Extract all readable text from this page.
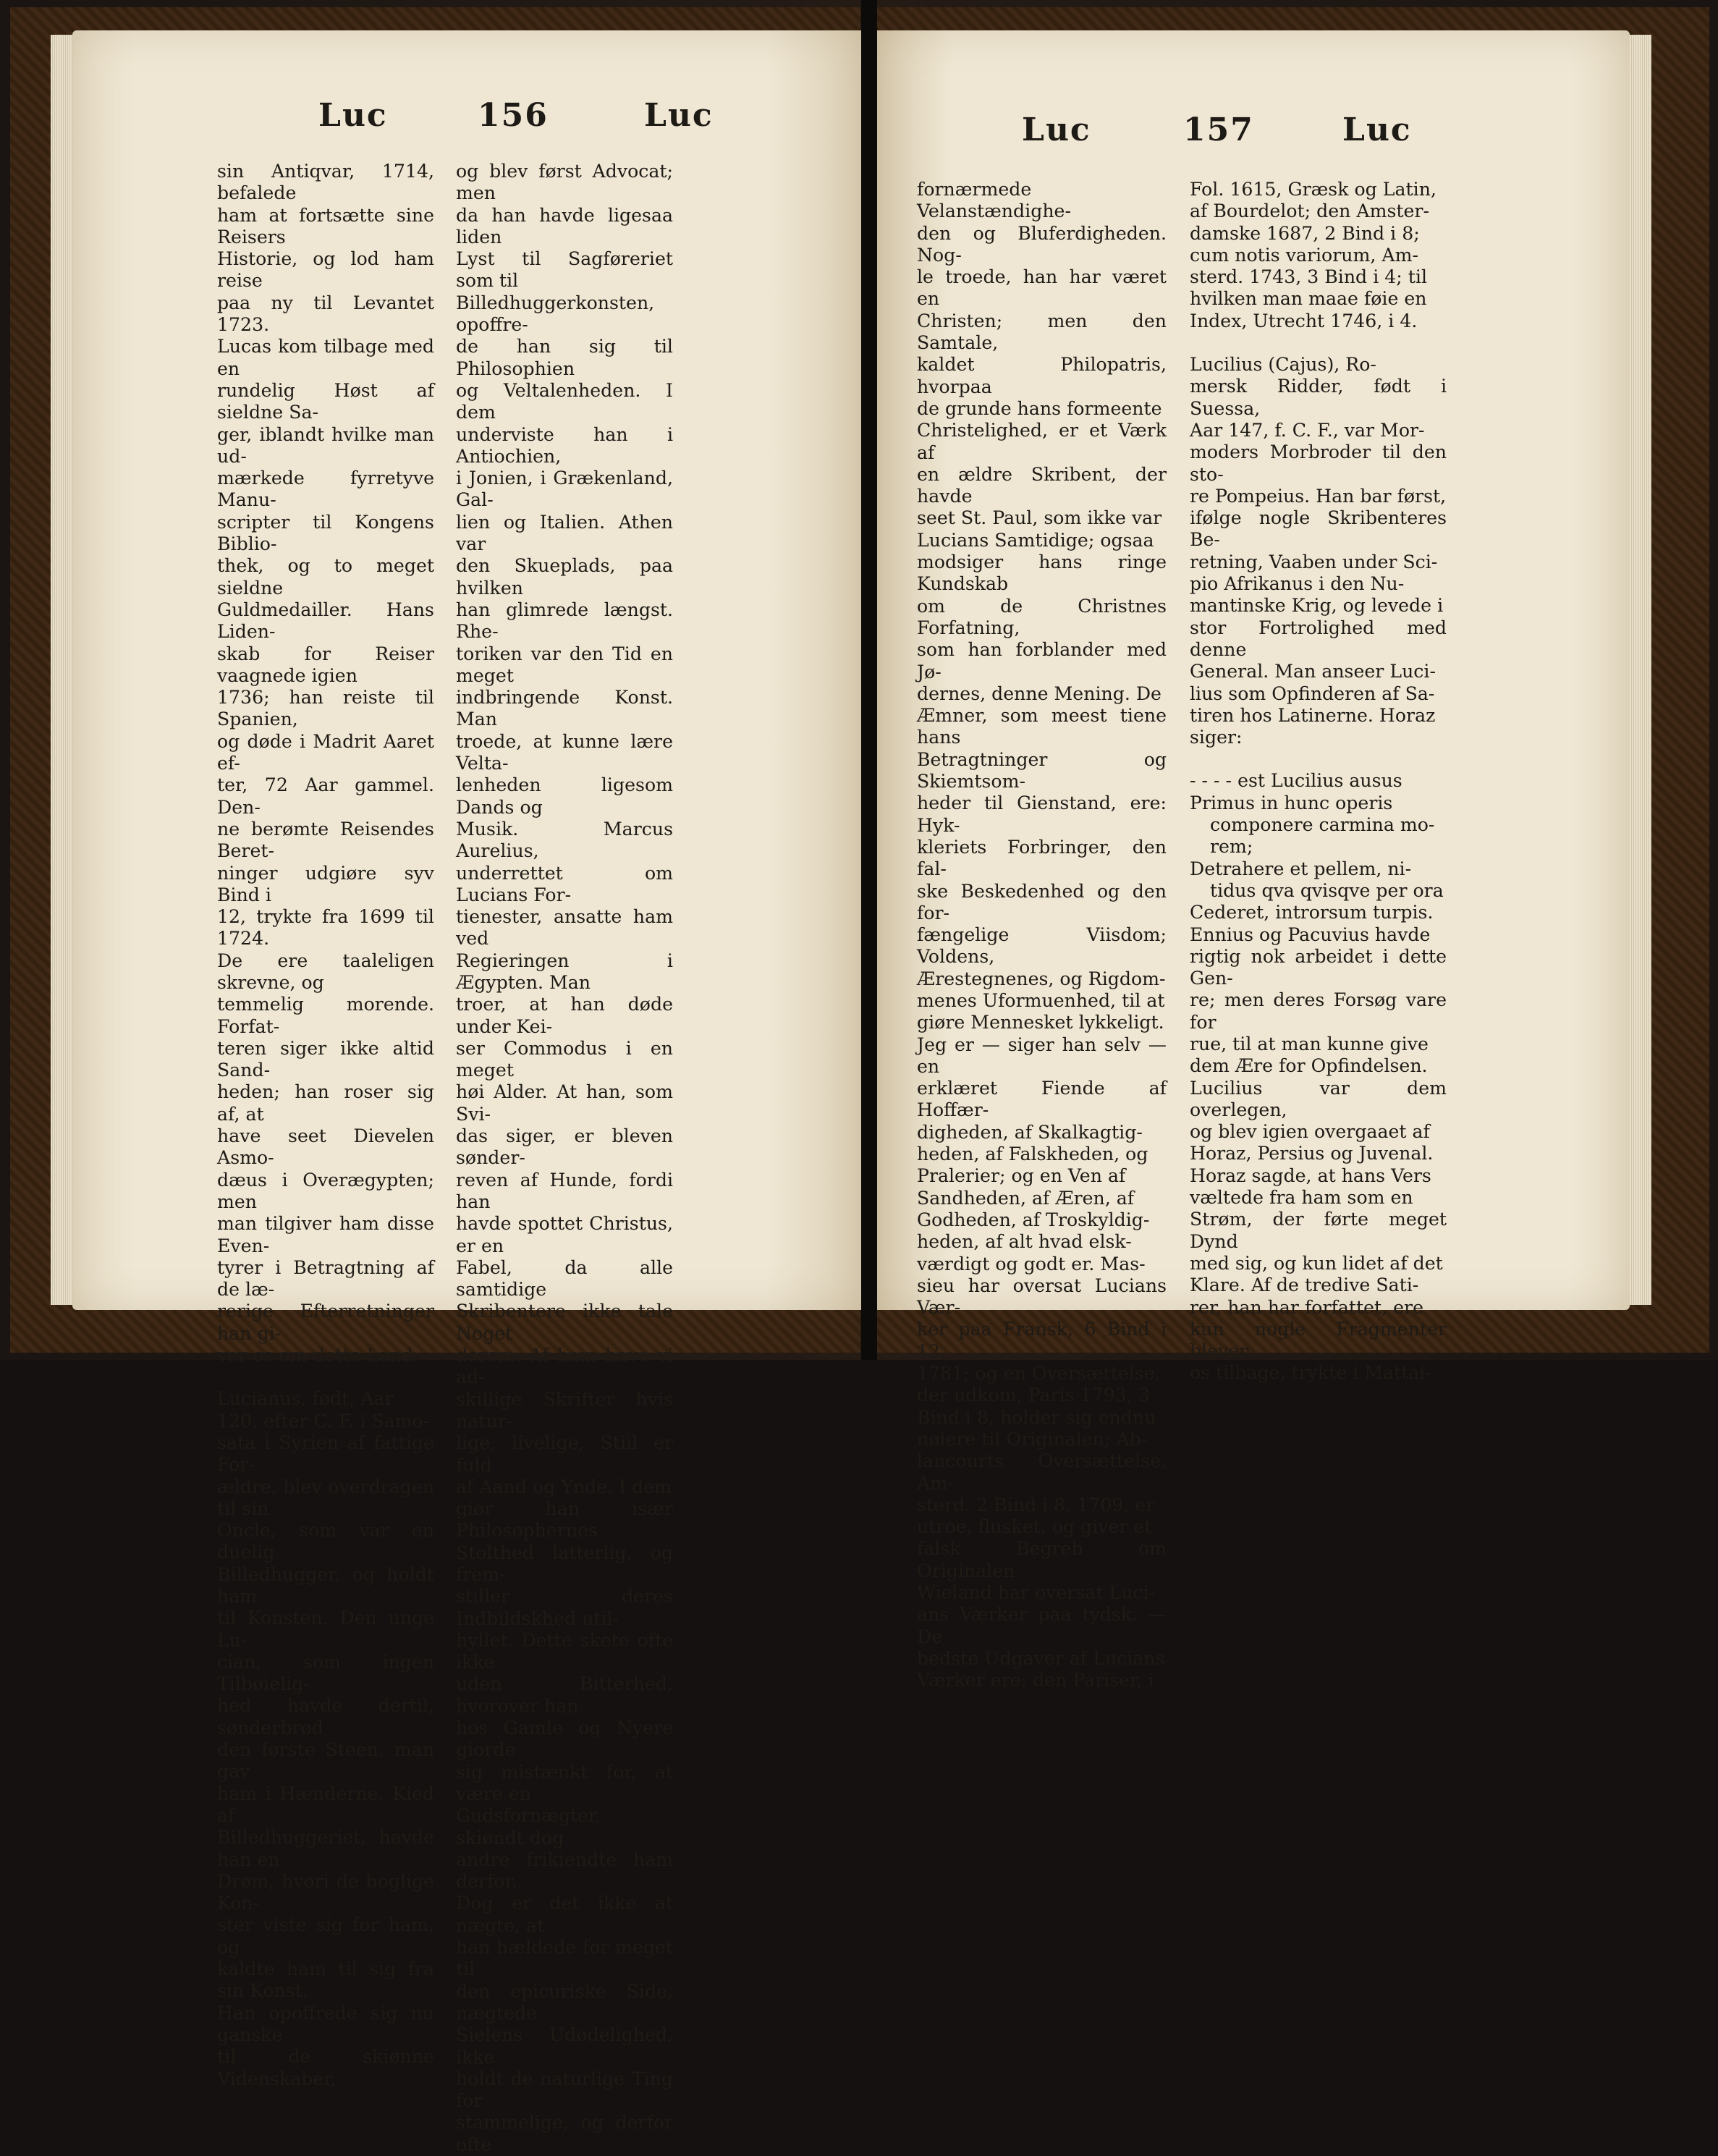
Luc	156	Luc

sin Antiqvar, 1714, befalede

ham at fortsætte sine Reisers

Historie, og lod ham reise

paa ny til Levantet 1723.

Lucas kom tilbage med en

rundelig Høst af sieldne Sa-

ger, iblandt hvilke man ud-

mærkede fyrretyve Manu-

scripter til Kongens Biblio-

thek, og to meget sieldne

Guldmedailler. Hans Liden-

skab for Reiser vaagnede igien

1736; han reiste til Spanien,

og døde i Madrit Aaret ef-

ter, 72 Aar gammel. Den-

ne berømte Reisendes Beret-

ninger udgiøre syv Bind i

12, trykte fra 1699 til 1724.

De ere taaleligen skrevne, og

temmelig morende. Forfat-

teren siger ikke altid Sand-

heden; han roser sig af, at

have seet Dievelen Asmo-

dæus i Overægypten; men

man tilgiver ham disse Even-

tyrer i Betragtning af de læ-

rerige Efterretninger han gi-

ver os om dette Land.

Lucianus, født, Aar

120, efter C. F. i Samo-

sata i Syrien af fattige For-

ældre, blev overdragen til sin

Oncle, som var en duelig

Billedhugger, og holdt ham

til Konsten. Den unge Lu-

cian, som ingen Tilbøielig-

hed havde dertil, sønderbrød

den første Steen, man gav

ham i Hænderne. Kied af

Billedhuggeriet, havde han en

Drøm, hvori de boglige Kon-

ster viste sig for ham, og

kaldte ham til sig fra sin Konst.

Han opoffrede sig nu ganske

til de skiønne Videnskaber,

og blev først Advocat; men

da han havde ligesaa liden

Lyst til Sagføreriet som til

Billedhuggerkonsten, opoffre-

de han sig til Philosophien

og Veltalenheden. I dem

underviste han i Antiochien,

i Jonien, i Grækenland, Gal-

lien og Italien. Athen var

den Skueplads, paa hvilken

han glimrede længst. Rhe-

toriken var den Tid en meget

indbringende Konst. Man

troede, at kunne lære Velta-

lenheden ligesom Dands og

Musik. Marcus Aurelius,

underrettet om Lucians For-

tienester, ansatte ham ved

Regieringen i Ægypten. Man

troer, at han døde under Kei-

ser Commodus i en meget

høi Alder. At han, som Svi-

das siger, er bleven sønder-

reven af Hunde, fordi han

havde spottet Christus, er en

Fabel, da alle samtidige

Skribentere ikke tale Noget

derom. Af ham have vi ad-

skillige Skrifter hvis natur-

lige, livelige, Stiil er fuld

af Aand og Ynde. I dem

giør han især Philosophernes

Stolthed latterlig, og frem-

stiller deres Indbildskhed util-

hyllet. Dette skete ofte ikke

uden Bitterhed, hvorover han

hos Gamle og Nyere giorde

sig mistænkt for, at være en

Gudsfornægter, skiøndt dog

andre frikiendte ham derfor.

Dog er det ikke at nægte, at

han hældede for meget til

den epicuriske Side, nægtede

Sielens Udødelighed, ikke

holdt de naturlige Ting for

stammelige, og derfor ofte

Luc	157	Luc

fornærmede Velanstændighe-

den og Bluferdigheden. Nog-

le troede, han har været en

Christen; men den Samtale,

kaldet Philopatris, hvorpaa

de grunde hans formeente

Christelighed, er et Værk af

en ældre Skribent, der havde

seet St. Paul, som ikke var

Lucians Samtidige; ogsaa

modsiger hans ringe Kundskab

om de Christnes Forfatning,

som han forblander med Jø-

dernes, denne Mening. De

Æmner, som meest tiene hans

Betragtninger og Skiemtsom-

heder til Gienstand, ere: Hyk-

kleriets Forbringer, den fal-

ske Beskedenhed og den for-

fængelige Viisdom; Voldens,

Ærestegnenes, og Rigdom-

menes Uformuenhed, til at

giøre Mennesket lykkeligt.

Jeg er — siger han selv — en

erklæret Fiende af Hoffær-

digheden, af Skalkagtig-

heden, af Falskheden, og

Pralerier; og en Ven af

Sandheden, af Æren, af

Godheden, af Troskyldig-

heden, af alt hvad elsk-

værdigt og godt er. Mas-

sieu har oversat Lucians Vær-

ker paa Fransk, 6 Bind i 12,

1781; og en Oversættelse,

der udkom, Paris 1793, 3

Bind i 8, holder sig endnu

nøiere til Originalen; Ab-

lancourts Oversættelse, Am-

sterd. 2 Bind i 8, 1709, er

utroe, flusket, og giver et

falsk Begreb om Originalen.

Wieland har oversat Luci-

ans Værker paa tydsk. — De

bedste Udgaver af Lucians

Værker ere: den Pariser, i

Fol. 1615, Græsk og Latin,

af Bourdelot; den Amster-

damske 1687, 2 Bind i 8;

cum notis variorum, Am-

sterd. 1743, 3 Bind i 4; til

hvilken man maae føie en

Index, Utrecht 1746, i 4.

Lucilius (Cajus), Ro-

mersk Ridder, født i Suessa,

Aar 147, f. C. F., var Mor-

moders Morbroder til den sto-

re Pompeius. Han bar først,

ifølge nogle Skribenteres Be-

retning, Vaaben under Sci-

pio Afrikanus i den Nu-

mantinske Krig, og levede i

stor Fortrolighed med denne

General. Man anseer Luci-

lius som Opfinderen af Sa-

tiren hos Latinerne. Horaz

siger:

- - - - est Lucilius ausus

Primus in hunc operis

componere carmina mo-

rem;

Detrahere et pellem, ni-

tidus qva qvisqve per ora

Cederet, introrsum turpis.

Ennius og Pacuvius havde

rigtig nok arbeidet i dette Gen-

re; men deres Forsøg vare for

rue, til at man kunne give

dem Ære for Opfindelsen.

Lucilius var dem overlegen,

og blev igien overgaaet af

Horaz, Persius og Juvenal.

Horaz sagde, at hans Vers

væltede fra ham som en

Strøm, der førte meget Dynd

med sig, og kun lidet af det

Klare. Af de tredive Sati-

rer, han har forfattet, ere

kun nogle Fragmenter bleven

os tilbage, trykte i Mattai-
